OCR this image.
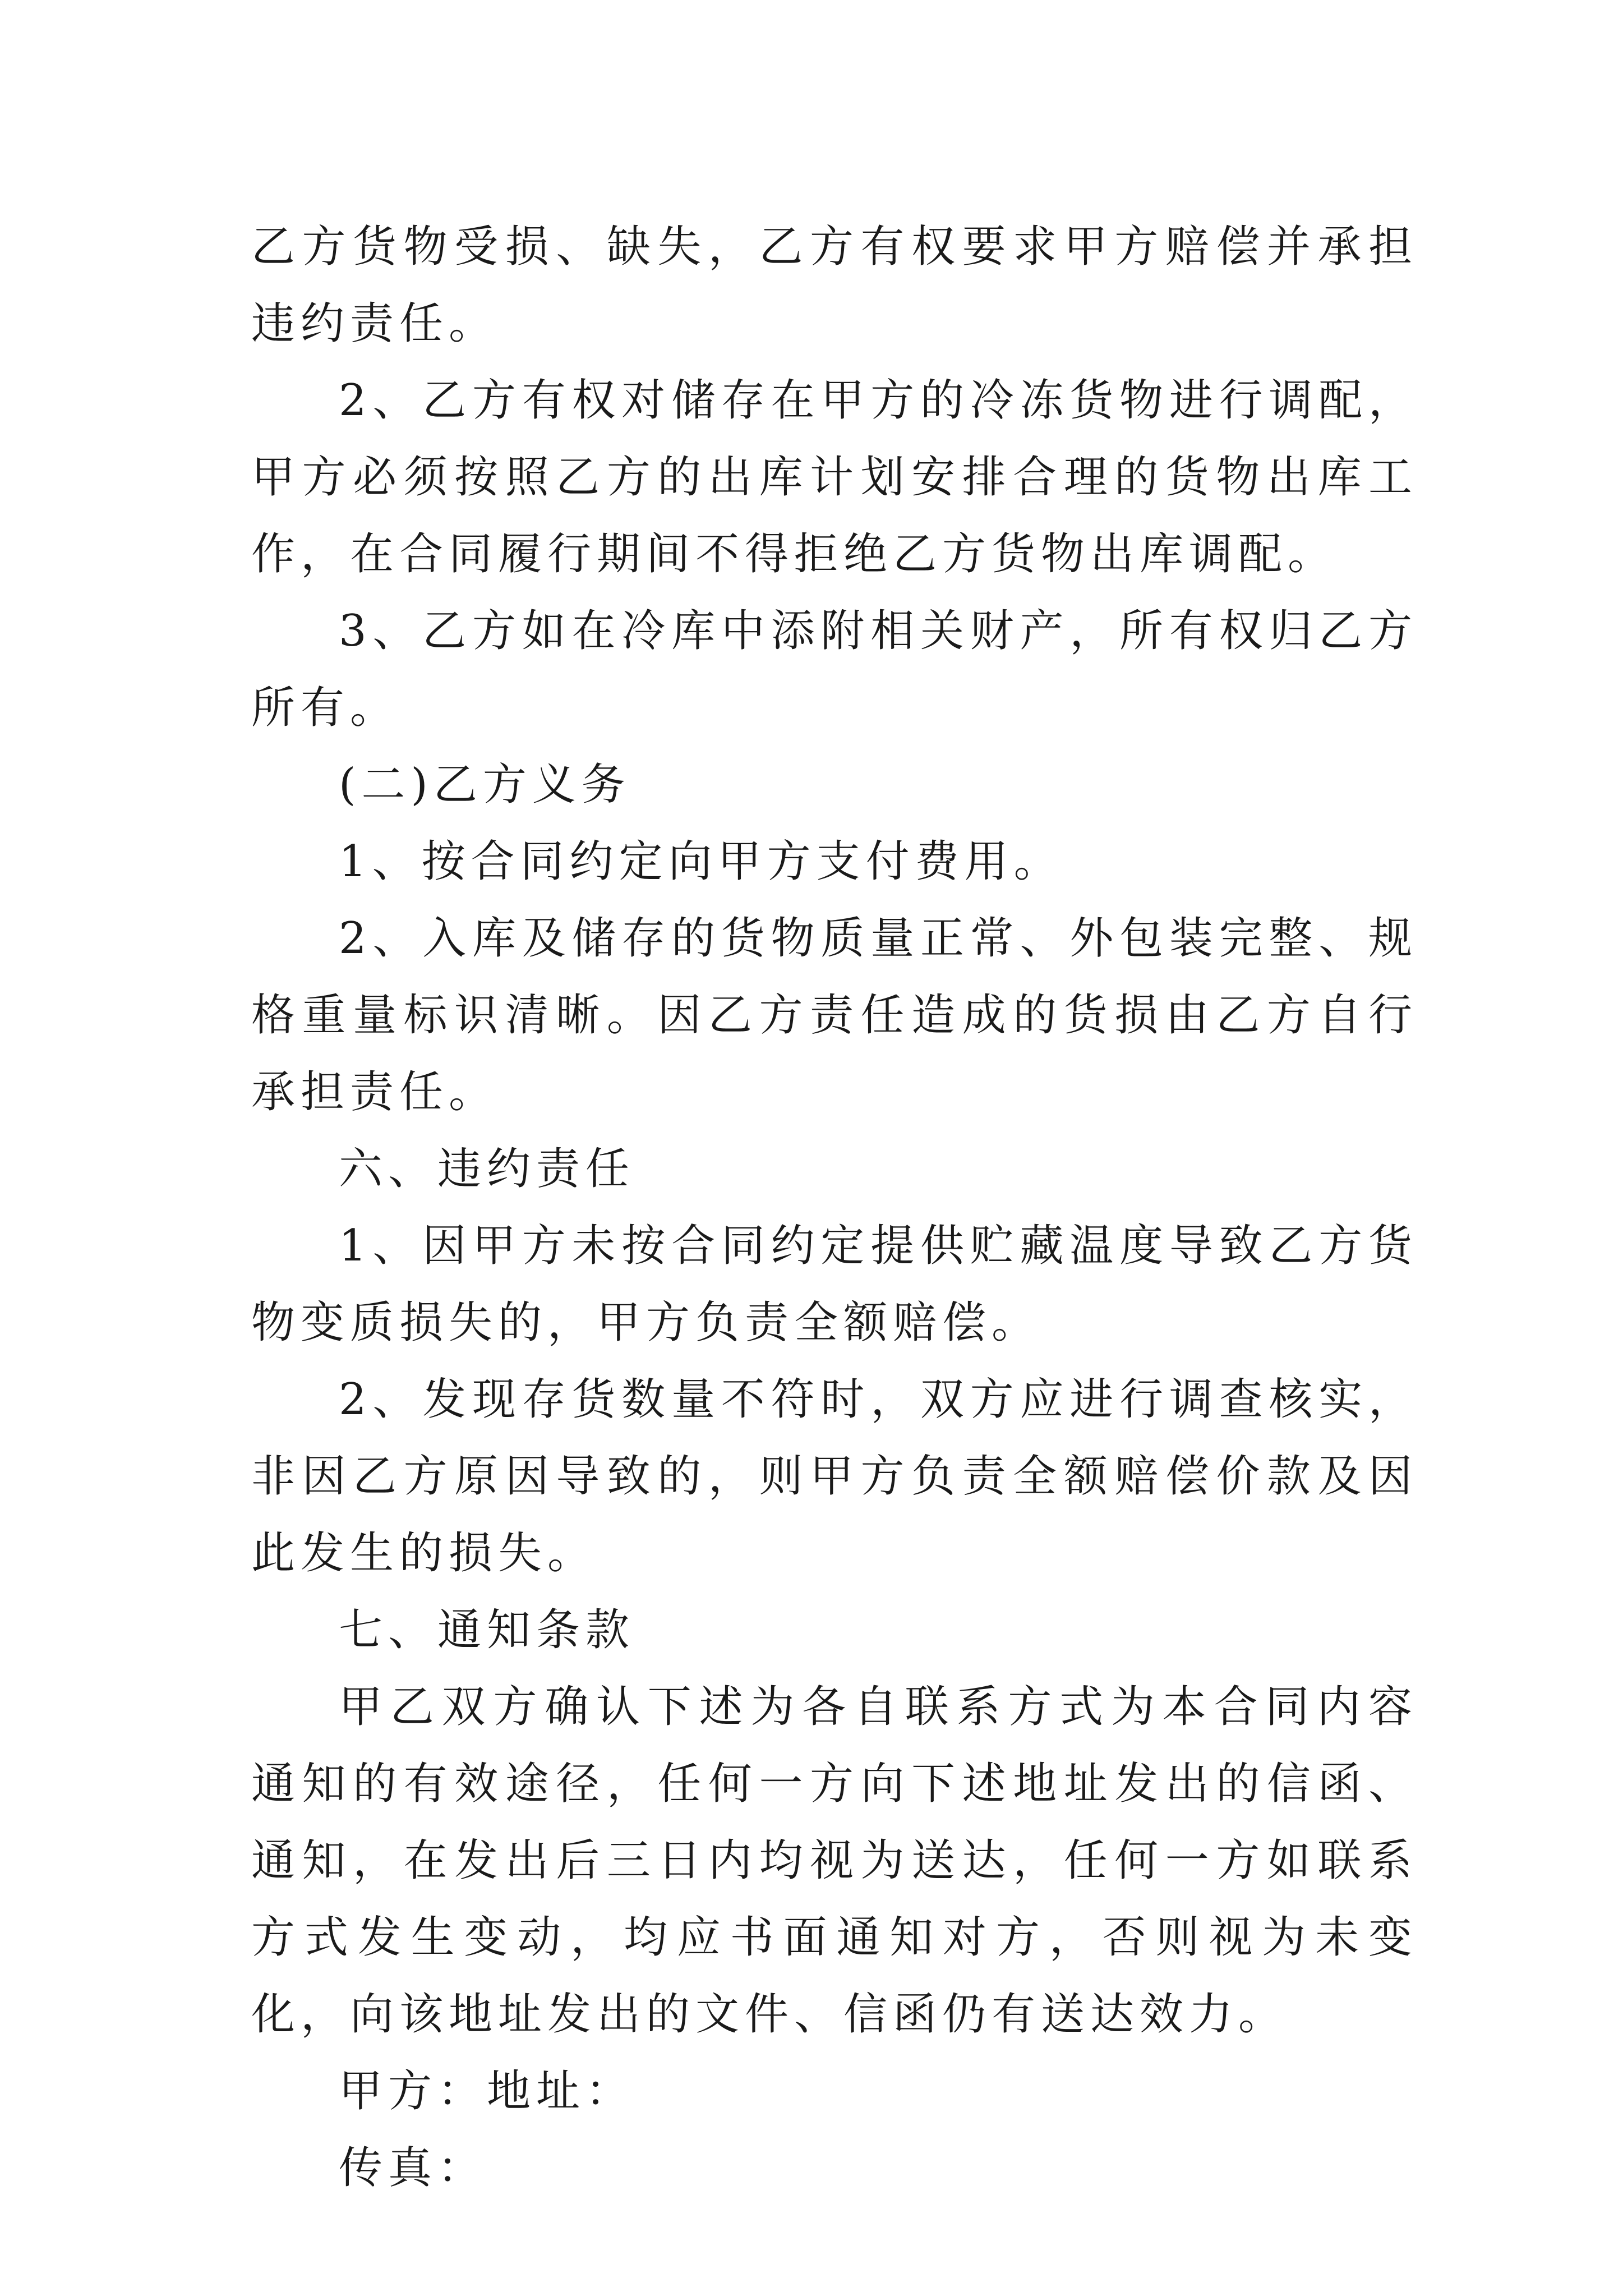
乙方货物受损、缺失，乙方有权要求甲方赔偿并承担违约责任。

2、乙方有权对储存在甲方的冷冻货物进行调配，甲方必须按照乙方的出库计划安排合理的货物出库工作，在合同履行期间不得拒绝乙方货物出库调配。

3、乙方如在冷库中添附相关财产，所有权归乙方所有。

(二)乙方义务

1、按合同约定向甲方支付费用。

2、入库及储存的货物质量正常、外包装完整、规格重量标识清晰。因乙方责任造成的货损由乙方自行承担责任。

六、违约责任

1、因甲方未按合同约定提供贮藏温度导致乙方货物变质损失的，甲方负责全额赔偿。

2、发现存货数量不符时，双方应进行调查核实，非因乙方原因导致的，则甲方负责全额赔偿价款及因此发生的损失。

七、通知条款

甲乙双方确认下述为各自联系方式为本合同内容通知的有效途径，任何一方向下述地址发出的信函、通知，在发出后三日内均视为送达，任何一方如联系方式发生变动，均应书面通知对方，否则视为未变化，向该地址发出的文件、信函仍有送达效力。

甲方：地址：

传真：
